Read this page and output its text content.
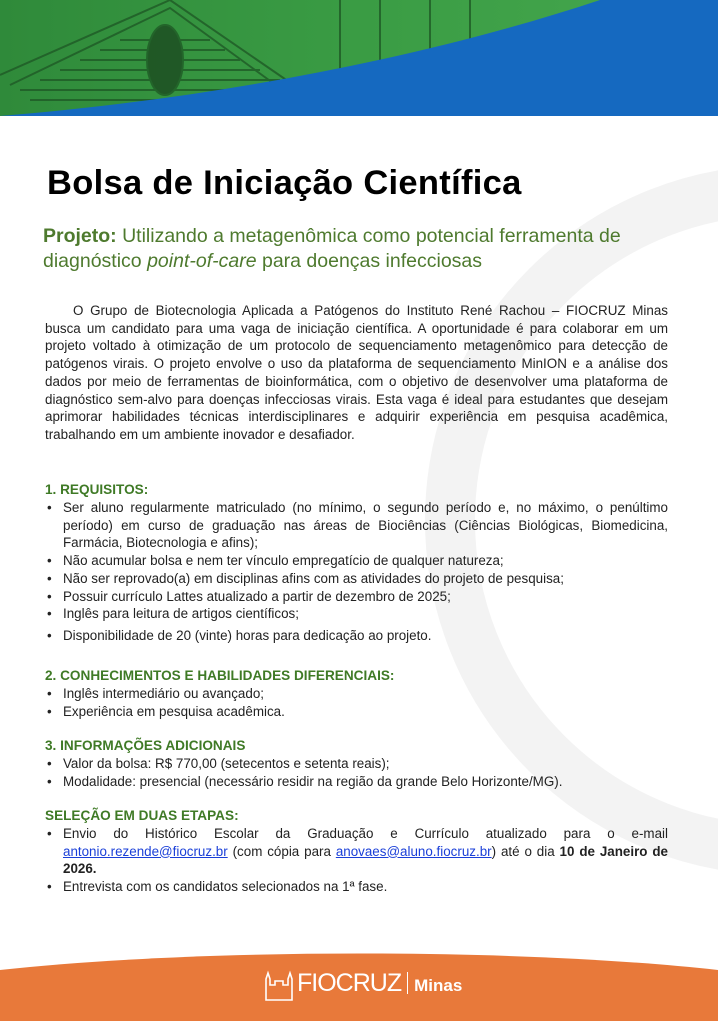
Bolsa de Iniciação Científica
Projeto: Utilizando a metagenômica como potencial ferramenta de diagnóstico point-of-care para doenças infecciosas
O Grupo de Biotecnologia Aplicada a Patógenos do Instituto René Rachou – FIOCRUZ Minas busca um candidato para uma vaga de iniciação científica. A oportunidade é para colaborar em um projeto voltado à otimização de um protocolo de sequenciamento metagenômico para detecção de patógenos virais. O projeto envolve o uso da plataforma de sequenciamento MinION e a análise dos dados por meio de ferramentas de bioinformática, com o objetivo de desenvolver uma plataforma de diagnóstico sem-alvo para doenças infecciosas virais. Esta vaga é ideal para estudantes que desejam aprimorar habilidades técnicas interdisciplinares e adquirir experiência em pesquisa acadêmica, trabalhando em um ambiente inovador e desafiador.
1. REQUISITOS:
• Ser aluno regularmente matriculado (no mínimo, o segundo período e, no máximo, o penúltimo período) em curso de graduação nas áreas de Biociências (Ciências Biológicas, Biomedicina, Farmácia, Biotecnologia e afins);
• Não acumular bolsa e nem ter vínculo empregatício de qualquer natureza;
• Não ser reprovado(a) em disciplinas afins com as atividades do projeto de pesquisa;
• Possuir currículo Lattes atualizado a partir de dezembro de 2025;
• Inglês para leitura de artigos científicos;
• Disponibilidade de 20 (vinte) horas para dedicação ao projeto.
2. CONHECIMENTOS E HABILIDADES DIFERENCIAIS:
• Inglês intermediário ou avançado;
• Experiência em pesquisa acadêmica.
3. INFORMAÇÕES ADICIONAIS
• Valor da bolsa: R$ 770,00 (setecentos e setenta reais);
• Modalidade: presencial (necessário residir na região da grande Belo Horizonte/MG).
SELEÇÃO EM DUAS ETAPAS:
• Envio do Histórico Escolar da Graduação e Currículo atualizado para o e-mail antonio.rezende@fiocruz.br (com cópia para anovaes@aluno.fiocruz.br) até o dia 10 de Janeiro de 2026.
• Entrevista com os candidatos selecionados na 1ª fase.
FIOCRUZ Minas
